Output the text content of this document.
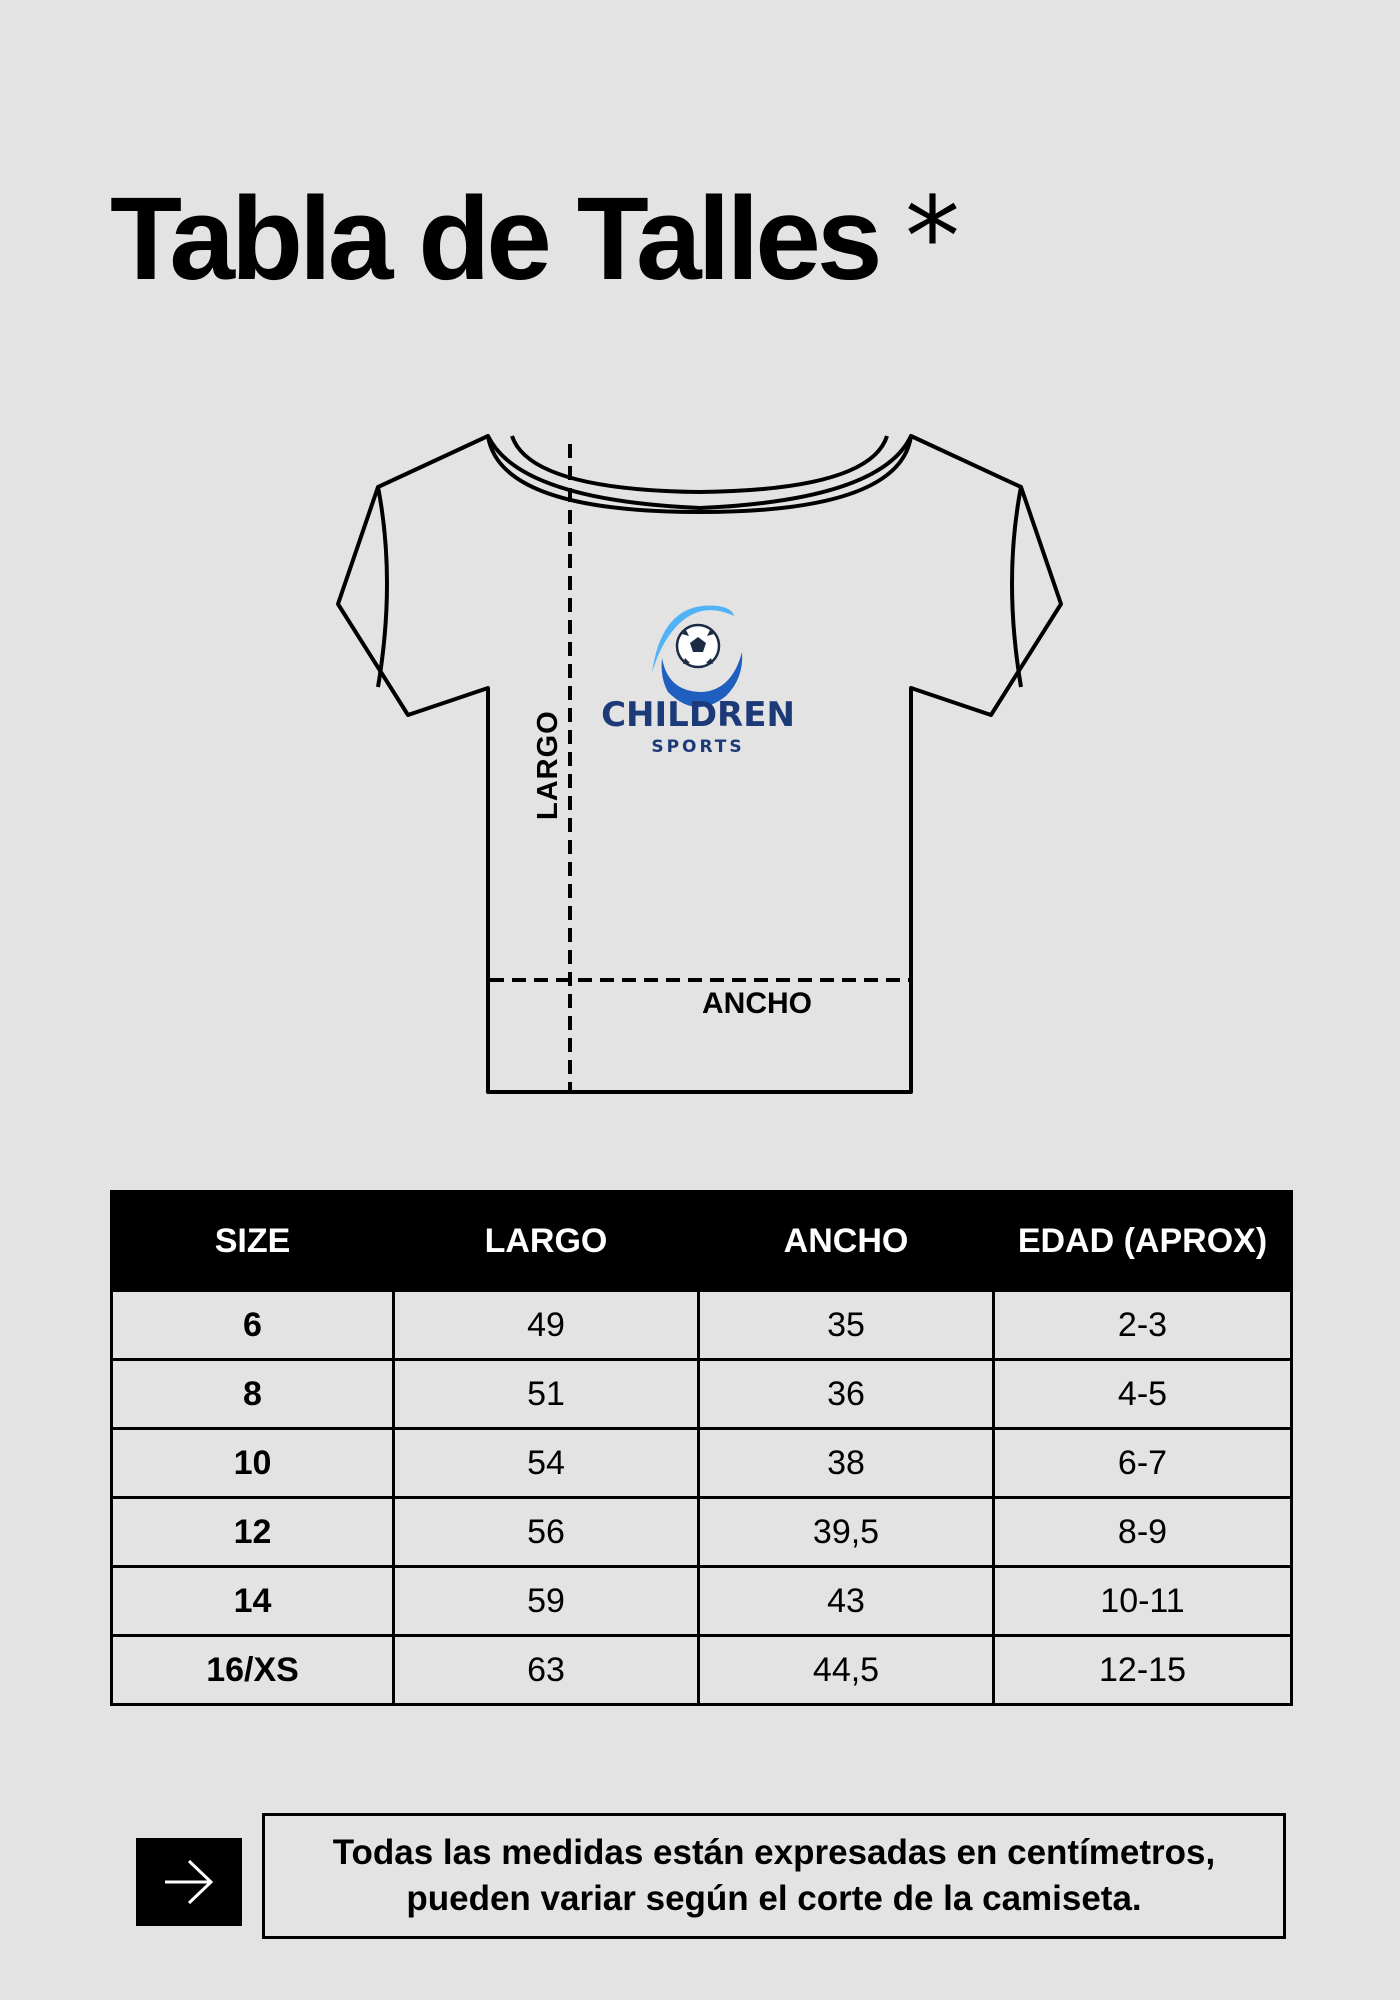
Tabla de Talles *
LARGO
ANCHO
CHILDREN
SPORTS
SIZE	LARGO	ANCHO	EDAD (APROX)
6	49	35	2-3
8	51	36	4-5
10	54	38	6-7
12	56	39,5	8-9
14	59	43	10-11
16/XS	63	44,5	12-15
Todas las medidas están expresadas en centímetros,
pueden variar según el corte de la camiseta.
